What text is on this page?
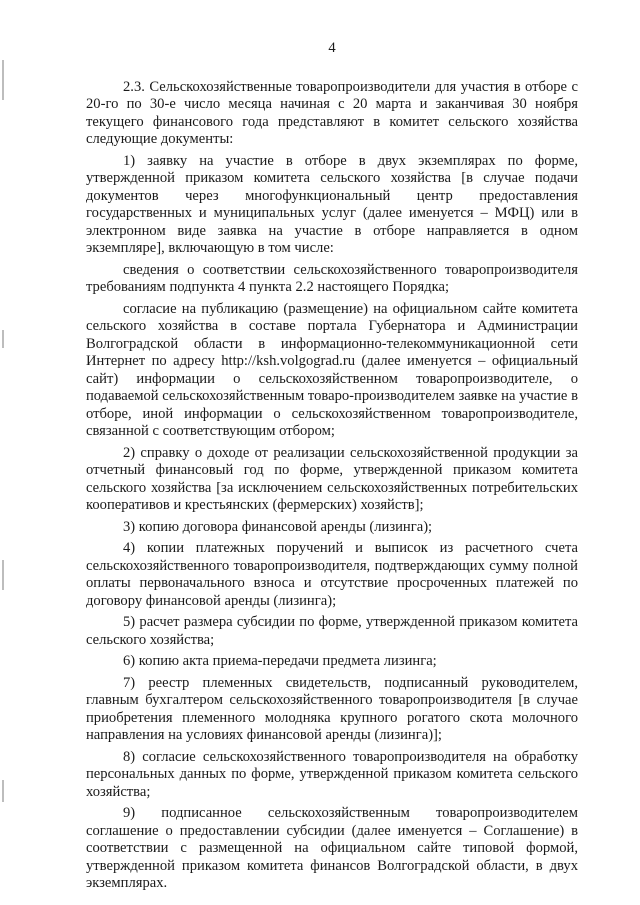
4

2.3. Сельскохозяйственные товаропроизводители для участия в отборе с 20-го по 30-е число месяца начиная с 20 марта и заканчивая 30 ноября текущего финансового года представляют в комитет сельского хозяйства следующие документы:

1) заявку на участие в отборе в двух экземплярах по форме, утвержденной приказом комитета сельского хозяйства [в случае подачи документов через многофункциональный центр предоставления государственных и муниципальных услуг (далее именуется – МФЦ) или в электронном виде заявка на участие в отборе направляется в одном экземпляре], включающую в том числе:

сведения о соответствии сельскохозяйственного товаропроизводителя требованиям подпункта 4 пункта 2.2 настоящего Порядка;

согласие на публикацию (размещение) на официальном сайте комитета сельского хозяйства в составе портала Губернатора и Администрации Волгоградской области в информационно-телекоммуникационной сети Интернет по адресу http://ksh.volgograd.ru (далее именуется – официальный сайт) информации о сельскохозяйственном товаропроизводителе, о подаваемой сельскохозяйственным товаро-производителем заявке на участие в отборе, иной информации о сельскохозяйственном товаропроизводителе, связанной с соответствующим отбором;

2) справку о доходе от реализации сельскохозяйственной продукции за отчетный финансовый год по форме, утвержденной приказом комитета сельского хозяйства [за исключением сельскохозяйственных потребительских кооперативов и крестьянских (фермерских) хозяйств];

3) копию договора финансовой аренды (лизинга);

4) копии платежных поручений и выписок из расчетного счета сельскохозяйственного товаропроизводителя, подтверждающих сумму полной оплаты первоначального взноса и отсутствие просроченных платежей по договору финансовой аренды (лизинга);

5) расчет размера субсидии по форме, утвержденной приказом комитета сельского хозяйства;

6) копию акта приема-передачи предмета лизинга;

7) реестр племенных свидетельств, подписанный руководителем, главным бухгалтером сельскохозяйственного товаропроизводителя [в случае приобретения племенного молодняка крупного рогатого скота молочного направления на условиях финансовой аренды (лизинга)];

8) согласие сельскохозяйственного товаропроизводителя на обработку персональных данных по форме, утвержденной приказом комитета сельского хозяйства;

9) подписанное сельскохозяйственным товаропроизводителем соглашение о предоставлении субсидии (далее именуется – Соглашение) в соответствии с размещенной на официальном сайте типовой формой, утвержденной приказом комитета финансов Волгоградской области, в двух экземплярах.
